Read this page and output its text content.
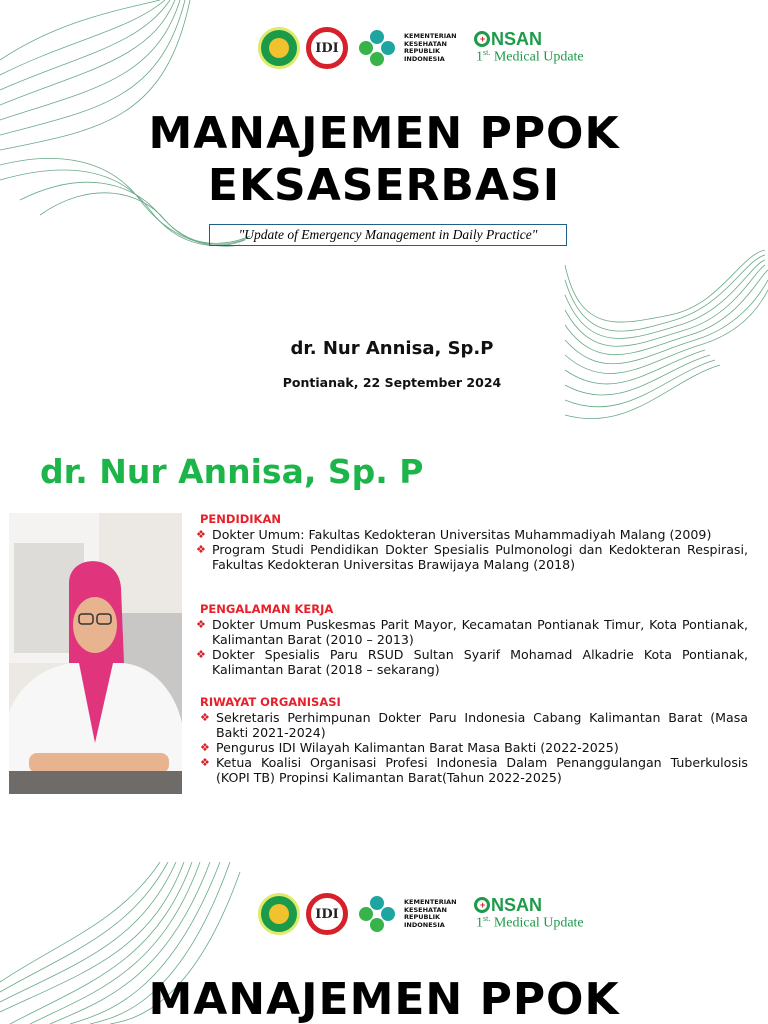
IDI
KEMENTERIAN
KESEHATAN
REPUBLIK
INDONESIA
+ NSAN
$1^{st.}$ Medical Update
MANAJEMEN PPOK
EKSASERBASI
"Update of Emergency Management in Daily Practice"
dr. Nur Annisa, Sp.P
Pontianak, 22 September 2024
dr. Nur Annisa, Sp. P
PENDIDIKAN
❖ Dokter Umum: Fakultas Kedokteran Universitas Muhammadiyah Malang (2009)
❖ Program Studi Pendidikan Dokter Spesialis Pulmonologi dan Kedokteran Respirasi, Fakultas Kedokteran Universitas Brawijaya Malang (2018)
PENGALAMAN KERJA
❖ Dokter Umum Puskesmas Parit Mayor, Kecamatan Pontianak Timur, Kota Pontianak, Kalimantan Barat (2010 – 2013)
❖ Dokter Spesialis Paru RSUD Sultan Syarif Mohamad Alkadrie Kota Pontianak, Kalimantan Barat (2018 – sekarang)
RIWAYAT ORGANISASI
❖ Sekretaris Perhimpunan Dokter Paru Indonesia Cabang Kalimantan Barat (Masa Bakti 2021-2024)
❖ Pengurus IDI Wilayah Kalimantan Barat Masa Bakti (2022-2025)
❖ Ketua Koalisi Organisasi Profesi Indonesia Dalam Penanggulangan Tuberkulosis (KOPI TB) Propinsi Kalimantan Barat(Tahun 2022-2025)
IDI
KEMENTERIAN
KESEHATAN
REPUBLIK
INDONESIA
+ NSAN
$1^{st.}$ Medical Update
MANAJEMEN PPOK
